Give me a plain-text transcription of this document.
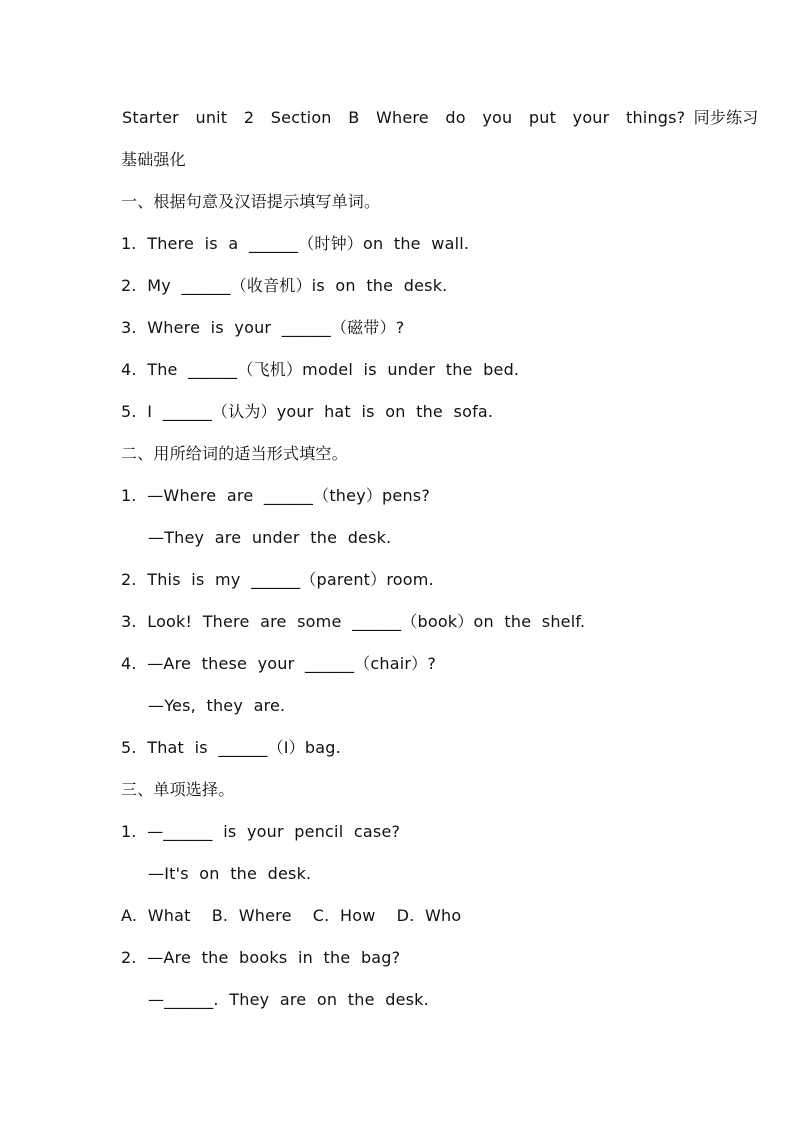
Starter  unit  2  Section  B  Where  do  you  put  your  things? 同步练习

基础强化

一、根据句意及汉语提示填写单词。

1.  There  is  a  ______（时钟）on  the  wall.

2.  My  ______（收音机）is  on  the  desk.

3.  Where  is  your  ______（磁带）?

4.  The  ______（飞机）model  is  under  the  bed.

5.  I  ______（认为）your  hat  is  on  the  sofa.

二、用所给词的适当形式填空。

1.  —Where  are  ______（they）pens?

—They  are  under  the  desk.

2.  This  is  my  ______（parent）room.

3.  Look!  There  are  some  ______（book）on  the  shelf.

4.  —Are  these  your  ______（chair）?

—Yes,  they  are.

5.  That  is  ______（I）bag.

三、单项选择。

1.  —______  is  your  pencil  case?

—It's  on  the  desk.

A.  What    B.  Where    C.  How    D.  Who

2.  —Are  the  books  in  the  bag?

—______.  They  are  on  the  desk.
